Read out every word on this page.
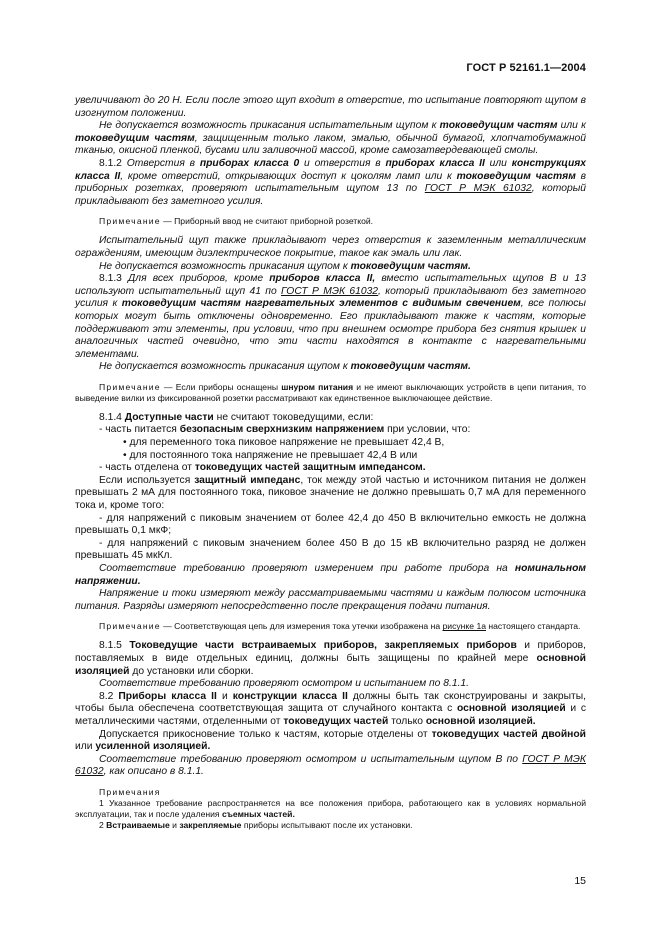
ГОСТ Р 52161.1—2004

увеличивают до 20 Н. Если после этого щуп входит в отверстие, то испытание повторяют щупом в изогнутом положении.

Не допускается возможность прикасания испытательным щупом к токоведущим частям или к токоведущим частям, защищенным только лаком, эмалью, обычной бумагой, хлопчатобумажной тканью, окисной пленкой, бусами или заливочной массой, кроме самозатвердевающей смолы.

8.1.2 Отверстия в приборах класса 0 и отверстия в приборах класса II или конструкциях класса II, кроме отверстий, открывающих доступ к цоколям ламп или к токоведущим частям в приборных розетках, проверяют испытательным щупом 13 по ГОСТ Р МЭК 61032, который прикладывают без заметного усилия.

Примечание — Приборный ввод не считают приборной розеткой.

Испытательный щуп также прикладывают через отверстия к заземленным металлическим ограждениям, имеющим диэлектрическое покрытие, такое как эмаль или лак.

Не допускается возможность прикасания щупом к токоведущим частям.

8.1.3 Для всех приборов, кроме приборов класса II, вместо испытательных щупов B и 13 используют испытательный щуп 41 по ГОСТ Р МЭК 61032, который прикладывают без заметного усилия к токоведущим частям нагревательных элементов с видимым свечением, все полюсы которых могут быть отключены одновременно. Его прикладывают также к частям, которые поддерживают эти элементы, при условии, что при внешнем осмотре прибора без снятия крышек и аналогичных частей очевидно, что эти части находятся в контакте с нагревательными элементами.

Не допускается возможность прикасания щупом к токоведущим частям.

Примечание — Если приборы оснащены шнуром питания и не имеют выключающих устройств в цепи питания, то выведение вилки из фиксированной розетки рассматривают как единственное выключающее действие.

8.1.4 Доступные части не считают токоведущими, если:

- часть питается безопасным сверхнизким напряжением при условии, что:

• для переменного тока пиковое напряжение не превышает 42,4 В,

• для постоянного тока напряжение не превышает 42,4 В или

- часть отделена от токоведущих частей защитным импедансом.

Если используется защитный импеданс, ток между этой частью и источником питания не должен превышать 2 мА для постоянного тока, пиковое значение не должно превышать 0,7 мА для переменного тока и, кроме того:

- для напряжений с пиковым значением от более 42,4 до 450 В включительно емкость не должна превышать 0,1 мкФ;

- для напряжений с пиковым значением более 450 В до 15 кВ включительно разряд не должен превышать 45 мкКл.

Соответствие требованию проверяют измерением при работе прибора на номинальном напряжении.

Напряжение и токи измеряют между рассматриваемыми частями и каждым полюсом источника питания. Разряды измеряют непосредственно после прекращения подачи питания.

Примечание — Соответствующая цепь для измерения тока утечки изображена на рисунке 1а настоящего стандарта.

8.1.5 Токоведущие части встраиваемых приборов, закрепляемых приборов и приборов, поставляемых в виде отдельных единиц, должны быть защищены по крайней мере основной изоляцией до установки или сборки.

Соответствие требованию проверяют осмотром и испытанием по 8.1.1.

8.2 Приборы класса II и конструкции класса II должны быть так сконструированы и закрыты, чтобы была обеспечена соответствующая защита от случайного контакта с основной изоляцией и с металлическими частями, отделенными от токоведущих частей только основной изоляцией.

Допускается прикосновение только к частям, которые отделены от токоведущих частей двойной или усиленной изоляцией.

Соответствие требованию проверяют осмотром и испытательным щупом B по ГОСТ Р МЭК 61032, как описано в 8.1.1.

Примечания

1 Указанное требование распространяется на все положения прибора, работающего как в условиях нормальной эксплуатации, так и после удаления съемных частей.

2 Встраиваемые и закрепляемые приборы испытывают после их установки.

15
